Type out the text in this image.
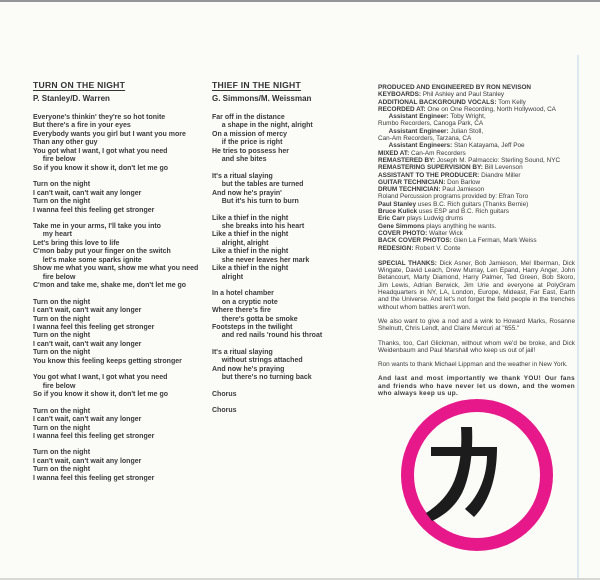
TURN ON THE NIGHT
P. Stanley/D. Warren
Everyone's thinkin' they're so hot tonite
But there's a fire in your eyes
Everybody wants you girl but I want you more
Than any other guy
You got what I want, I got what you need
	fire below
So if you know it show it, don't let me go
Turn on the night
I can't wait, can't wait any longer
Turn on the night
I wanna feel this feeling get stronger
Take me in your arms, I'll take you into
	my heart
Let's bring this love to life
C'mon baby put your finger on the switch
	let's make some sparks ignite
Show me what you want, show me what you need
	fire below
C'mon and take me, shake me, don't let me go
Turn on the night
I can't wait, can't wait any longer
Turn on the night
I wanna feel this feeling get stronger
Turn on the night
I can't wait, can't wait any longer
Turn on the night
You know this feeling keeps getting stronger
You got what I want, I got what you need
	fire below
So if you know it show it, don't let me go
Turn on the night
I can't wait, can't wait any longer
Turn on the night
I wanna feel this feeling get stronger
Turn on the night
I can't wait, can't wait any longer
Turn on the night
I wanna feel this feeling get stronger
THIEF IN THE NIGHT
G. Simmons/M. Weissman
Far off in the distance
	a shape in the night, alright
On a mission of mercy
	if the price is right
He tries to possess her
	and she bites
It's a ritual slaying
	but the tables are turned
And now he's prayin'
	But it's his turn to burn
Like a thief in the night
	she breaks into his heart
Like a thief in the night
	alright, alright
Like a thief in the night
	she never leaves her mark
Like a thief in the night
	alright
In a hotel chamber
	on a cryptic note
Where there's fire
	there's gotta be smoke
Footsteps in the twilight
	and red nails 'round his throat
It's a ritual slaying
	without strings attached
And now he's praying
	but there's no turning back
Chorus
Chorus
PRODUCED AND ENGINEERED BY RON NEVISON
KEYBOARDS: Phil Ashley and Paul Stanley
ADDITIONAL BACKGROUND VOCALS: Tom Kelly
RECORDED AT: One on One Recording, North Hollywood, CA
	Assistant Engineer: Toby Wright,
Rumbo Recorders, Canoga Park, CA
	Assistant Engineer: Julian Stoll,
Can-Am Recorders, Tarzana, CA
	Assistant Engineers: Stan Katayama, Jeff Poe
MIXED AT: Can-Am Recorders
REMASTERED BY: Joseph M. Palmaccio: Sterling Sound, NYC
REMASTERING SUPERVISION BY: Bill Levenson
ASSISTANT TO THE PRODUCER: Diandre Miller
GUITAR TECHNICIAN: Don Barlow
DRUM TECHNICIAN: Paul Jamieson
Roland Percussion programs provided by: Efran Toro
Paul Stanley uses B.C. Rich guitars (Thanks Bernie)
Bruce Kulick uses ESP and B.C. Rich guitars
Eric Carr plays Ludwig drums
Gene Simmons plays anything he wants.
COVER PHOTO: Walter Wick
BACK COVER PHOTOS: Glen La Ferman, Mark Weiss
REDESIGN: Robert V. Conte

SPECIAL THANKS: Dick Asner, Bob Jamieson, Mel Ilberman, Dick Wingate, David Leach, Drew Murray, Len Epand, Harry Anger, John Betancourt, Marty Diamond, Harry Palmer, Ted Green, Bob Skoro, Jim Lewis, Adrian Berwick, Jim Urie and everyone at PolyGram Headquarters in NY, LA, London, Europe, Mideast, Far East, Earth and the Universe. And let's not forget the field people in the trenches without whom battles aren't won.

We also want to give a nod and a wink to Howard Marks, Rosanne Shelnutt, Chris Lendt, and Claire Mercuri at "655."

Thanks, too, Carl Glickman, without whom we'd be broke, and Dick Weidenbaum and Paul Marshall who keep us out of jail!

Ron wants to thank Michael Lippman and the weather in New York.

And last and most importantly we thank YOU! Our fans and friends who have never let us down, and the women who always keep us up.
